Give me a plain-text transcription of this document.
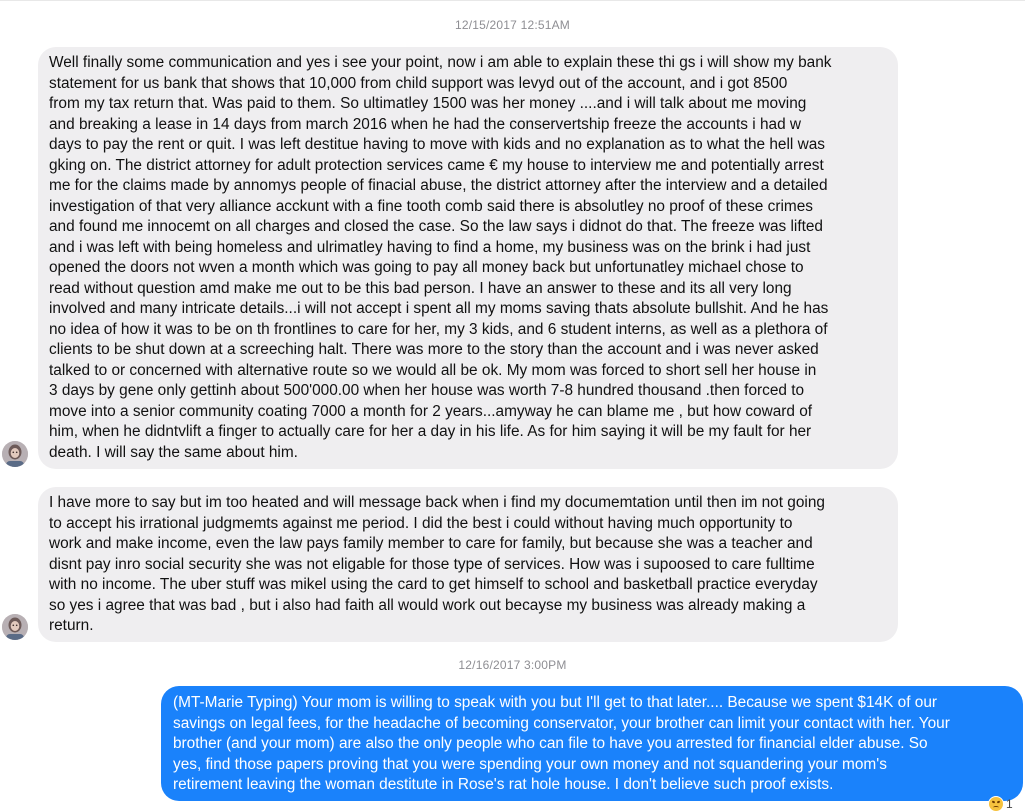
12/15/2017 12:51AM
Well finally some communication and yes i see your point, now i am able to explain these thi gs i will show my bank
statement for us bank that shows that 10,000 from child support was levyd out of the account, and i got 8500
from my tax return that. Was paid to them. So ultimatley 1500 was her money ....and i will talk about me moving
and breaking a lease in 14 days from march 2016 when he had the conservertship freeze the accounts i had w
days to pay the rent or quit. I was left destitue having to move with kids and no explanation as to what the hell was
gking on. The district attorney for adult protection services came € my house to interview me and potentially arrest
me for the claims made by annomys people of finacial abuse, the district attorney after the interview and a detailed
investigation of that very alliance acckunt with a fine tooth comb said there is absolutley no proof of these crimes
and found me innocemt on all charges and closed the case. So the law says i didnot do that. The freeze was lifted
and i was left with being homeless and ulrimatley having to find a home, my business was on the brink i had just
opened the doors not wven a month which was going to pay all money back but unfortunatley michael chose to
read without question amd make me out to be this bad person. I have an answer to these and its all very long
involved and many intricate details...i will not accept i spent all my moms saving thats absolute bullshit. And he has
no idea of how it was to be on th frontlines to care for her, my 3 kids, and 6 student interns, as well as a plethora of
clients to be shut down at a screeching halt. There was more to the story than the account and i was never asked
talked to or concerned with alternative route so we would all be ok. My mom was forced to short sell her house in
3 days by gene only gettinh about 500'000.00 when her house was worth 7-8 hundred thousand .then forced to
move into a senior community coating 7000 a month for 2 years...amyway he can blame me , but how coward of
him, when he didntvlift a finger to actually care for her a day in his life. As for him saying it will be my fault for her
death. I will say the same about him.
I have more to say but im too heated and will message back when i find my documemtation until then im not going
to accept his irrational judgmemts against me period. I did the best i could without having much opportunity to
work and make income, even the law pays family member to care for family, but because she was a teacher and
disnt pay inro social security she was not eligable for those type of services. How was i supoosed to care fulltime
with no income. The uber stuff was mikel using the card to get himself to school and basketball practice everyday
so yes i agree that was bad , but i also had faith all would work out becayse my business was already making a
return.
12/16/2017 3:00PM
(MT-Marie Typing) Your mom is willing to speak with you but I'll get to that later.... Because we spent $14K of our
savings on legal fees, for the headache of becoming conservator, your brother can limit your contact with her. Your
brother (and your mom) are also the only people who can file to have you arrested for financial elder abuse. So
yes, find those papers proving that you were spending your own money and not squandering your mom's
retirement leaving the woman destitute in Rose's rat hole house. I don't believe such proof exists.
1
